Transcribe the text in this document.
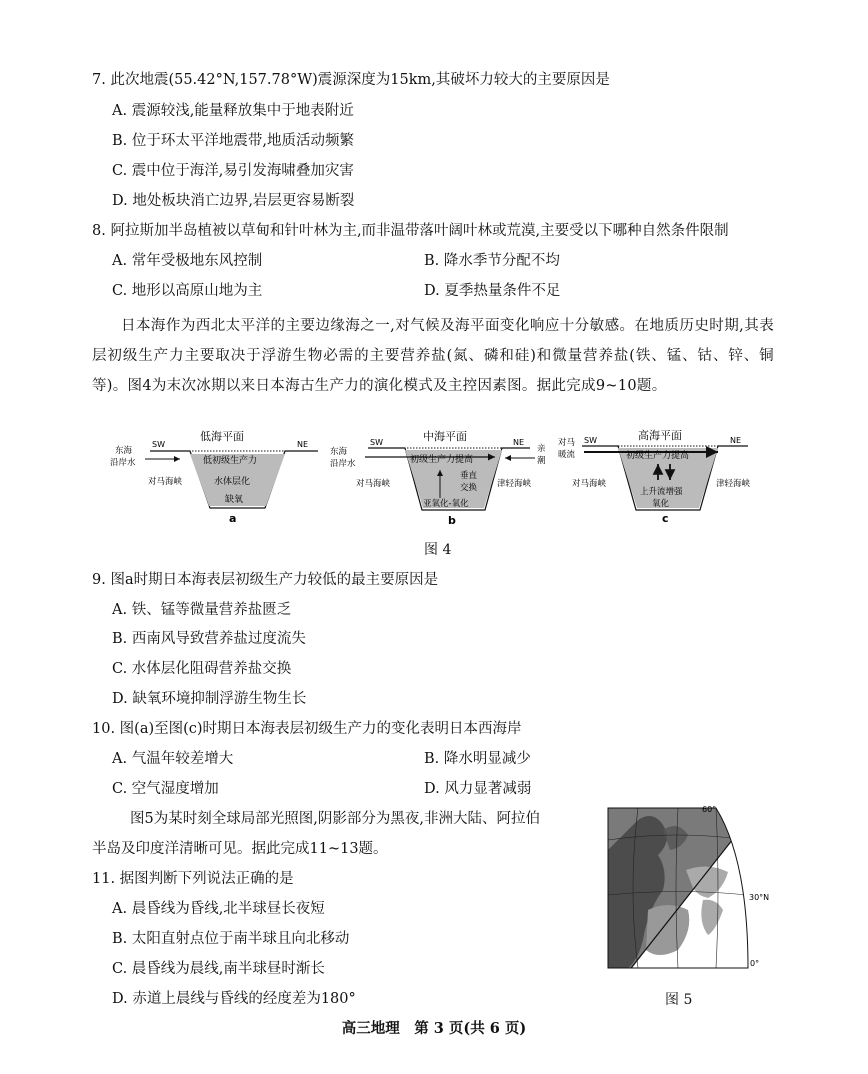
7. 此次地震(55.42°N,157.78°W)震源深度为15km,其破坏力较大的主要原因是
A. 震源较浅,能量释放集中于地表附近
B. 位于环太平洋地震带,地质活动频繁
C. 震中位于海洋,易引发海啸叠加灾害
D. 地处板块消亡边界,岩层更容易断裂
8. 阿拉斯加半岛植被以草甸和针叶林为主,而非温带落叶阔叶林或荒漠,主要受以下哪种自然条件限制
A. 常年受极地东风控制	B. 降水季节分配不均
C. 地形以高原山地为主	D. 夏季热量条件不足
日本海作为西北太平洋的主要边缘海之一,对气候及海平面变化响应十分敏感。在地质历史时期,其表层初级生产力主要取决于浮游生物必需的主要营养盐(氮、磷和硅)和微量营养盐(铁、锰、钴、锌、铜等)。图4为末次冰期以来日本海古生产力的演化模式及主控因素图。据此完成9~10题。
低海平面
SW	NE
东海
沿岸水	低初级生产力
对马海峡	水体层化
缺氧
a
中海平面
SW	NE
东海
沿岸水	初级生产力提高
亲
潮
对马海峡	津轻海峡
垂直
交换
亚氧化-氧化
b
高海平面
SW	NE
对马
暖流	初级生产力提高
对马海峡	津轻海峡
上升流增强
氧化
c
图 4
9. 图a时期日本海表层初级生产力较低的最主要原因是
A. 铁、锰等微量营养盐匮乏
B. 西南风导致营养盐过度流失
C. 水体层化阻碍营养盐交换
D. 缺氧环境抑制浮游生物生长
10. 图(a)至图(c)时期日本海表层初级生产力的变化表明日本西海岸
A. 气温年较差增大	B. 降水明显减少
C. 空气湿度增加	D. 风力显著减弱
图5为某时刻全球局部光照图,阴影部分为黑夜,非洲大陆、阿拉伯
半岛及印度洋清晰可见。据此完成11~13题。
11. 据图判断下列说法正确的是
A. 晨昏线为昏线,北半球昼长夜短
B. 太阳直射点位于南半球且向北移动
C. 晨昏线为晨线,南半球昼时渐长
D. 赤道上晨线与昏线的经度差为180°
60°
30°N
0°
图 5
高三地理　第 3 页(共 6 页)
